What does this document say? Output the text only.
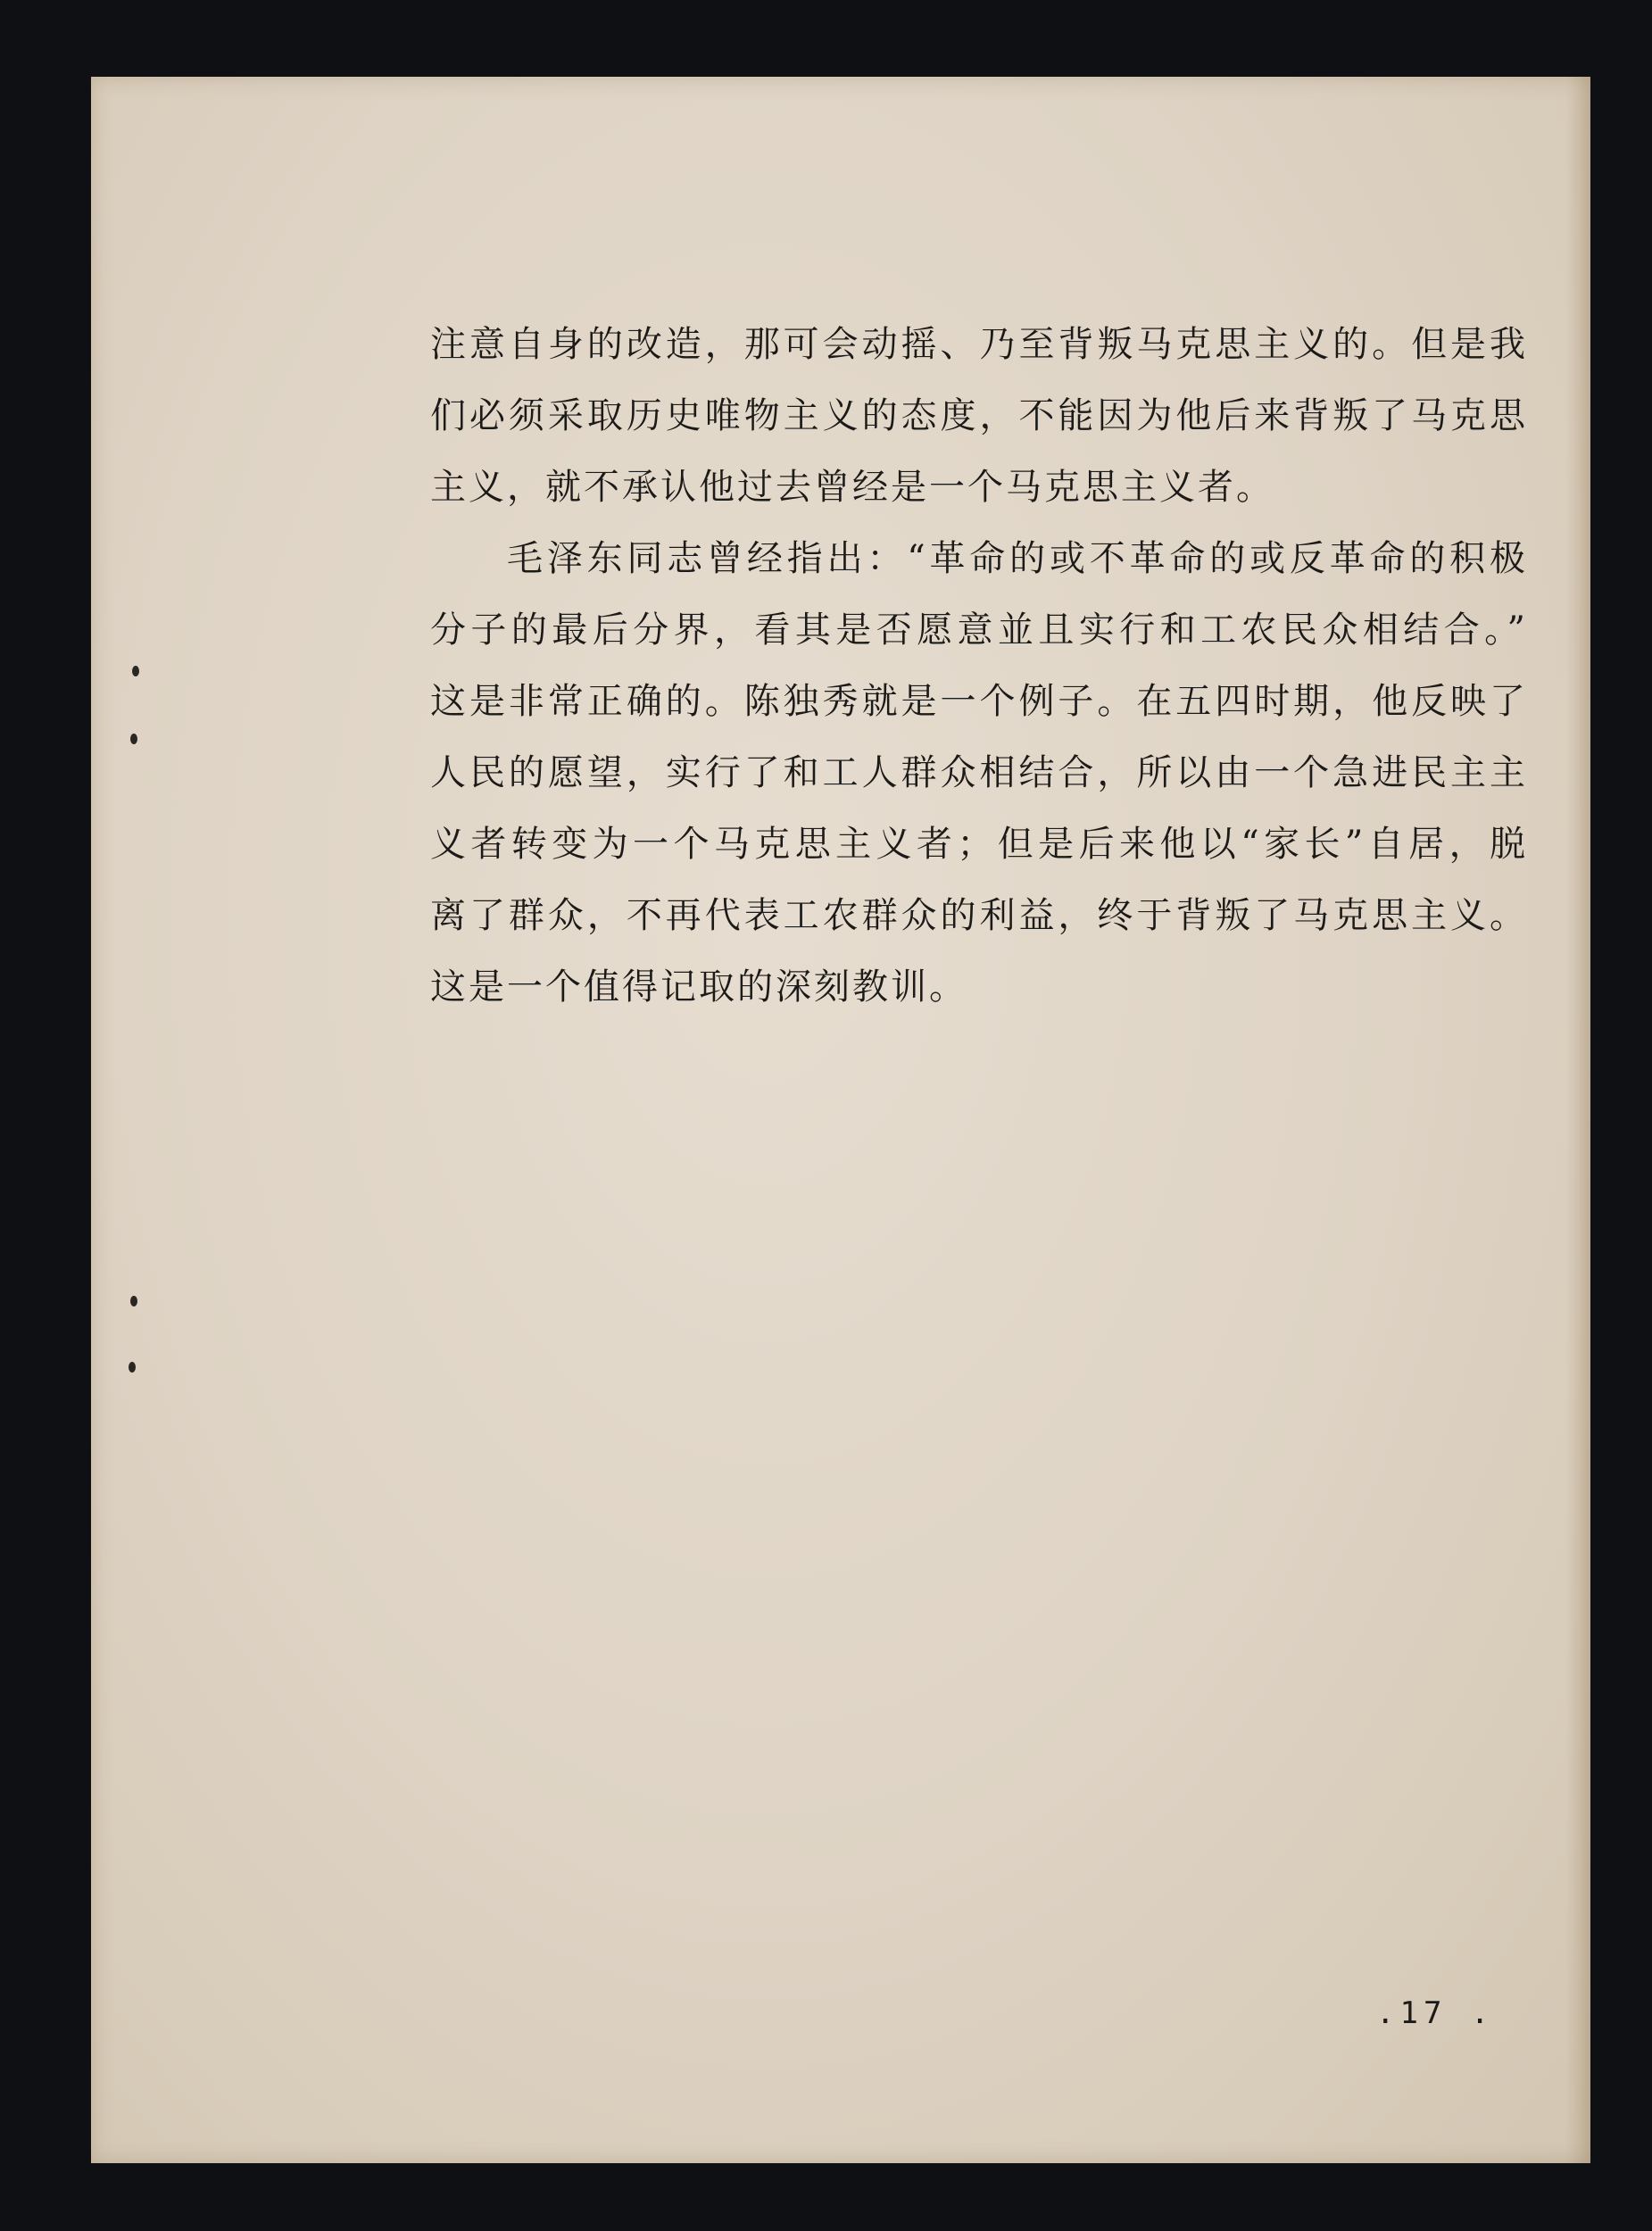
注意自身的改造，那可会动摇、乃至背叛马克思主义的。但是我
们必须采取历史唯物主义的态度，不能因为他后来背叛了马克思
主义，就不承认他过去曾经是一个马克思主义者。
毛泽东同志曾经指出：“革命的或不革命的或反革命的积极
分子的最后分界，看其是否愿意並且实行和工农民众相结合。”
这是非常正确的。陈独秀就是一个例子。在五四时期，他反映了
人民的愿望，实行了和工人群众相结合，所以由一个急进民主主
义者转变为一个马克思主义者；但是后来他以“家长”自居，脱
离了群众，不再代表工农群众的利益，终于背叛了马克思主义。
这是一个值得记取的深刻教训。
.17 .
